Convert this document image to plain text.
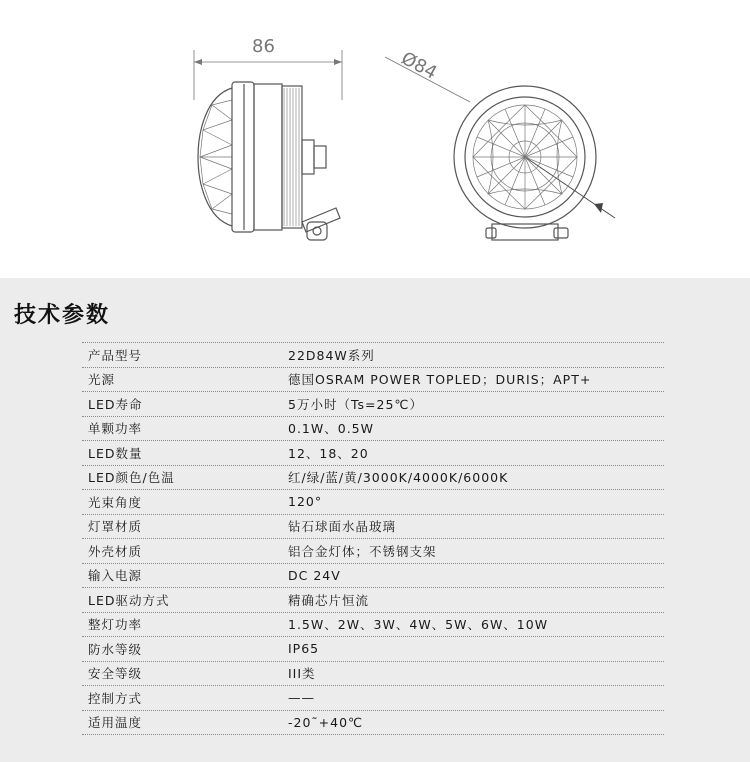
86
Ø84
技术参数
产品型号	22D84W系列
光源	德国OSRAM POWER TOPLED；DURIS；APT+
LED寿命	5万小时（Ts=25℃）
单颗功率	0.1W、0.5W
LED数量	12、18、20
LED颜色/色温	红/绿/蓝/黄/3000K/4000K/6000K
光束角度	120°
灯罩材质	钻石球面水晶玻璃
外壳材质	铝合金灯体；不锈钢支架
输入电源	DC 24V
LED驱动方式	精确芯片恒流
整灯功率	1.5W、2W、3W、4W、5W、6W、10W
防水等级	IP65
安全等级	III类
控制方式	——
适用温度	-20˜+40℃
